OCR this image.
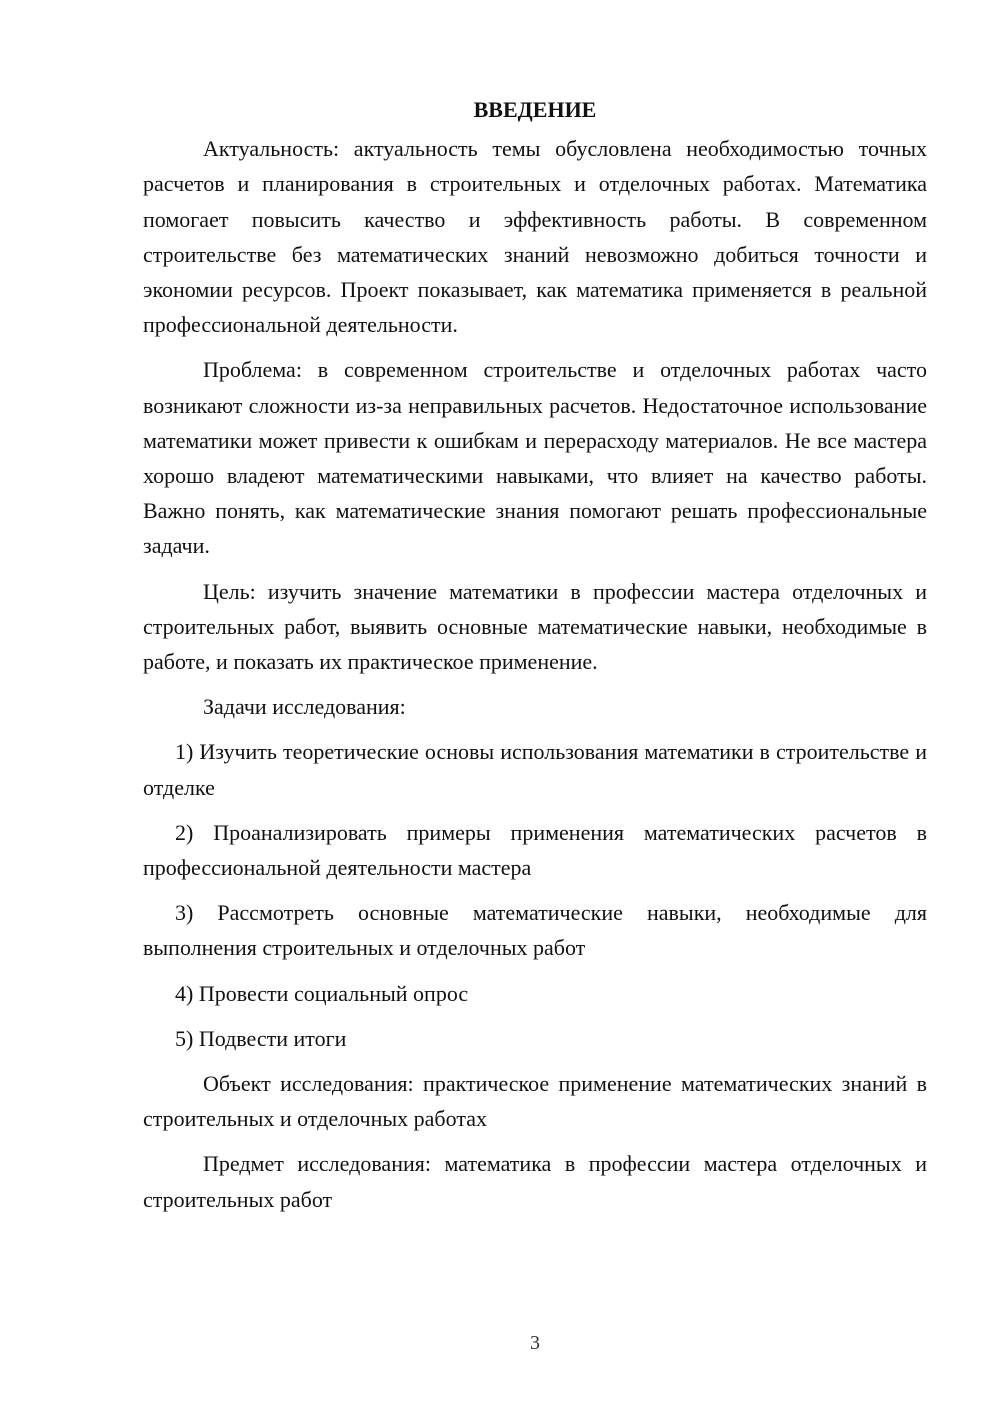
ВВЕДЕНИЕ

Актуальность: актуальность темы обусловлена необходимостью точных расчетов и планирования в строительных и отделочных работах. Математика помогает повысить качество и эффективность работы. В современном строительстве без математических знаний невозможно добиться точности и экономии ресурсов. Проект показывает, как математика применяется в реальной профессиональной деятельности.

Проблема: в современном строительстве и отделочных работах часто возникают сложности из-за неправильных расчетов. Недостаточное использование математики может привести к ошибкам и перерасходу материалов. Не все мастера хорошо владеют математическими навыками, что влияет на качество работы. Важно понять, как математические знания помогают решать профессиональные задачи.

Цель: изучить значение математики в профессии мастера отделочных и строительных работ, выявить основные математические навыки, необходимые в работе, и показать их практическое применение.

Задачи исследования:

1) Изучить теоретические основы использования математики в строительстве и отделке

2) Проанализировать примеры применения математических расчетов в профессиональной деятельности мастера

3) Рассмотреть основные математические навыки, необходимые для выполнения строительных и отделочных работ

4) Провести социальный опрос

5) Подвести итоги

Объект исследования: практическое применение математических знаний в строительных и отделочных работах

Предмет исследования: математика в профессии мастера отделочных и строительных работ

3
